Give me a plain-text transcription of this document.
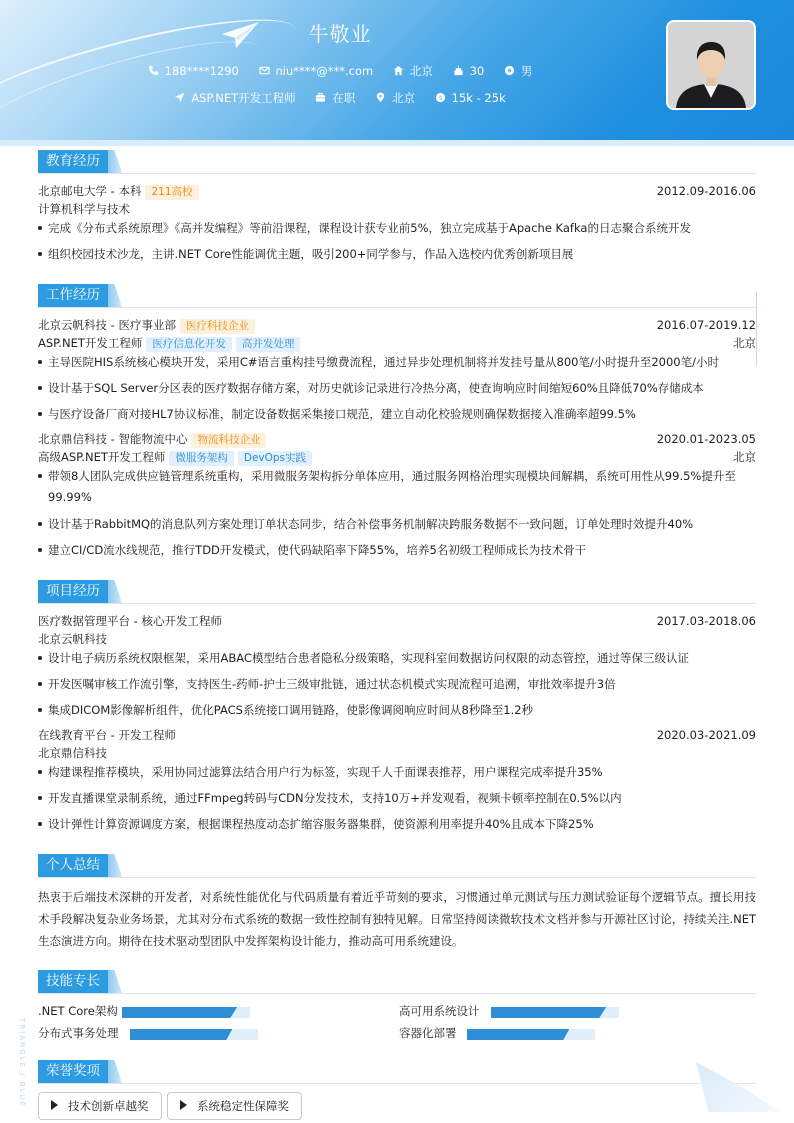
牛敬业
188****1290	niu****@***.com	北京	30	男
ASP.NET开发工程师	在职	北京	$ 15k - 25k
教育经历
北京邮电大学 - 本科 211高校	2012.09-2016.06
计算机科学与技术
完成《分布式系统原理》《高并发编程》等前沿课程，课程设计获专业前5%，独立完成基于Apache Kafka的日志聚合系统开发
组织校园技术沙龙，主讲.NET Core性能调优主题，吸引200+同学参与，作品入选校内优秀创新项目展
工作经历
北京云帆科技 - 医疗事业部 医疗科技企业	2016.07-2019.12
ASP.NET开发工程师 医疗信息化开发 高并发处理	北京
主导医院HIS系统核心模块开发，采用C#语言重构挂号缴费流程，通过异步处理机制将并发挂号量从800笔/小时提升至2000笔/小时
设计基于SQL Server分区表的医疗数据存储方案，对历史就诊记录进行冷热分离，使查询响应时间缩短60%且降低70%存储成本
与医疗设备厂商对接HL7协议标准，制定设备数据采集接口规范，建立自动化校验规则确保数据接入准确率超99.5%
北京鼎信科技 - 智能物流中心 物流科技企业	2020.01-2023.05
高级ASP.NET开发工程师 微服务架构 DevOps实践	北京
带领8人团队完成供应链管理系统重构，采用微服务架构拆分单体应用，通过服务网格治理实现模块间解耦，系统可用性从99.5%提升至99.99%
设计基于RabbitMQ的消息队列方案处理订单状态同步，结合补偿事务机制解决跨服务数据不一致问题，订单处理时效提升40%
建立CI/CD流水线规范，推行TDD开发模式，使代码缺陷率下降55%，培养5名初级工程师成长为技术骨干
项目经历
医疗数据管理平台 - 核心开发工程师	2017.03-2018.06
北京云帆科技
设计电子病历系统权限框架，采用ABAC模型结合患者隐私分级策略，实现科室间数据访问权限的动态管控，通过等保三级认证
开发医嘱审核工作流引擎，支持医生-药师-护士三级审批链，通过状态机模式实现流程可追溯，审批效率提升3倍
集成DICOM影像解析组件，优化PACS系统接口调用链路，使影像调阅响应时间从8秒降至1.2秒
在线教育平台 - 开发工程师	2020.03-2021.09
北京鼎信科技
构建课程推荐模块，采用协同过滤算法结合用户行为标签，实现千人千面课表推荐，用户课程完成率提升35%
开发直播课堂录制系统，通过FFmpeg转码与CDN分发技术，支持10万+并发观看，视频卡顿率控制在0.5%以内
设计弹性计算资源调度方案，根据课程热度动态扩缩容服务器集群，使资源利用率提升40%且成本下降25%
个人总结
热衷于后端技术深耕的开发者，对系统性能优化与代码质量有着近乎苛刻的要求，习惯通过单元测试与压力测试验证每个逻辑节点。擅长用技术手段解决复杂业务场景，尤其对分布式系统的数据一致性控制有独特见解。日常坚持阅读微软技术文档并参与开源社区讨论，持续关注.NET生态演进方向。期待在技术驱动型团队中发挥架构设计能力，推动高可用系统建设。
技能专长
.NET Core架构	高可用系统设计
分布式事务处理	容器化部署
荣誉奖项
技术创新卓越奖	系统稳定性保障奖
TRIANGLE / BLUE
